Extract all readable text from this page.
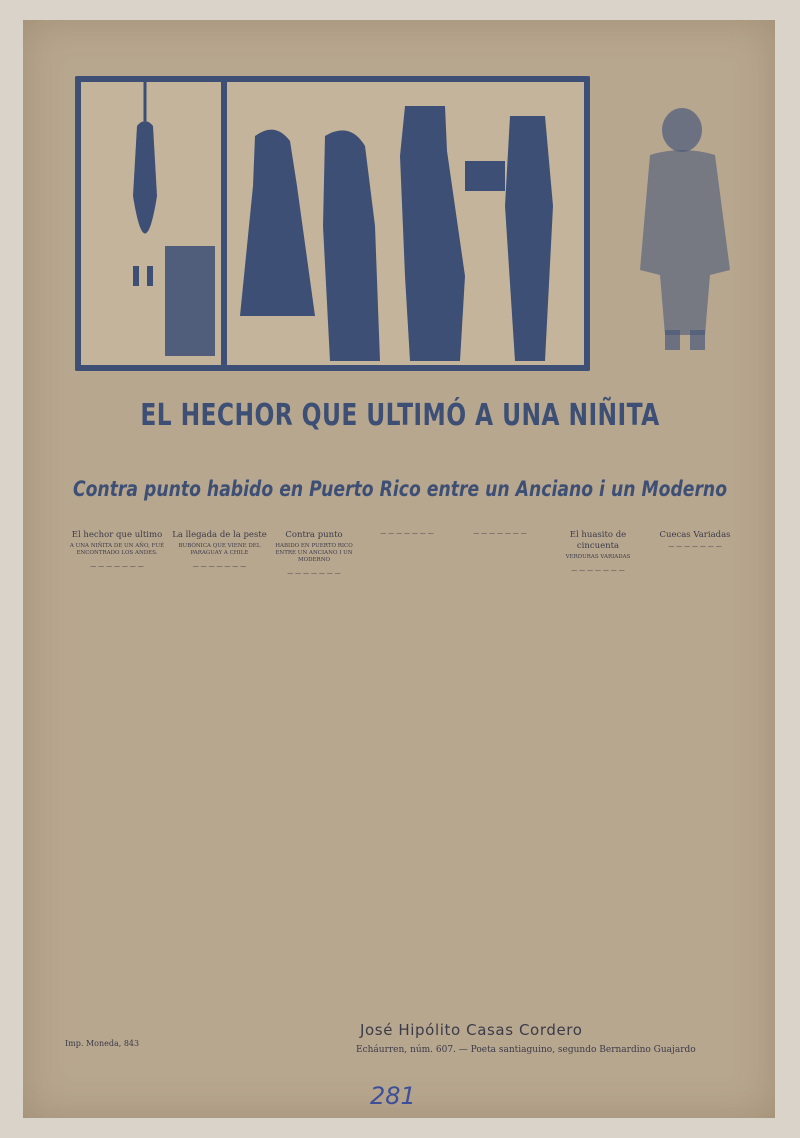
EL HECHOR QUE ULTIMÓ A UNA NIÑITA
Contra punto habido en Puerto Rico entre un Anciano i un Moderno
El hechor que ultimo
A UNA NIÑITA DE UN AÑO, FUÉ ENCONTRADO LOS ANDES.
— — — — — — —
La llegada de la peste
BUBÓNICA QUE VIENE DEL PARAGUAY A CHILE
— — — — — — —
Contra punto
HABIDO EN PUERTO RICO ENTRE UN ANCIANO I UN MODERNO
— — — — — — —
— — — — — — —	— — — — — — —	El huasito de cincuenta
VERDURAS VARIADAS
— — — — — — —
Cuecas Variadas
— — — — — — —
Imp. Moneda, 843
José Hipólito Casas Cordero
Echáurren, núm. 607. — Poeta santiaguino, segundo Bernardino Guajardo
281
